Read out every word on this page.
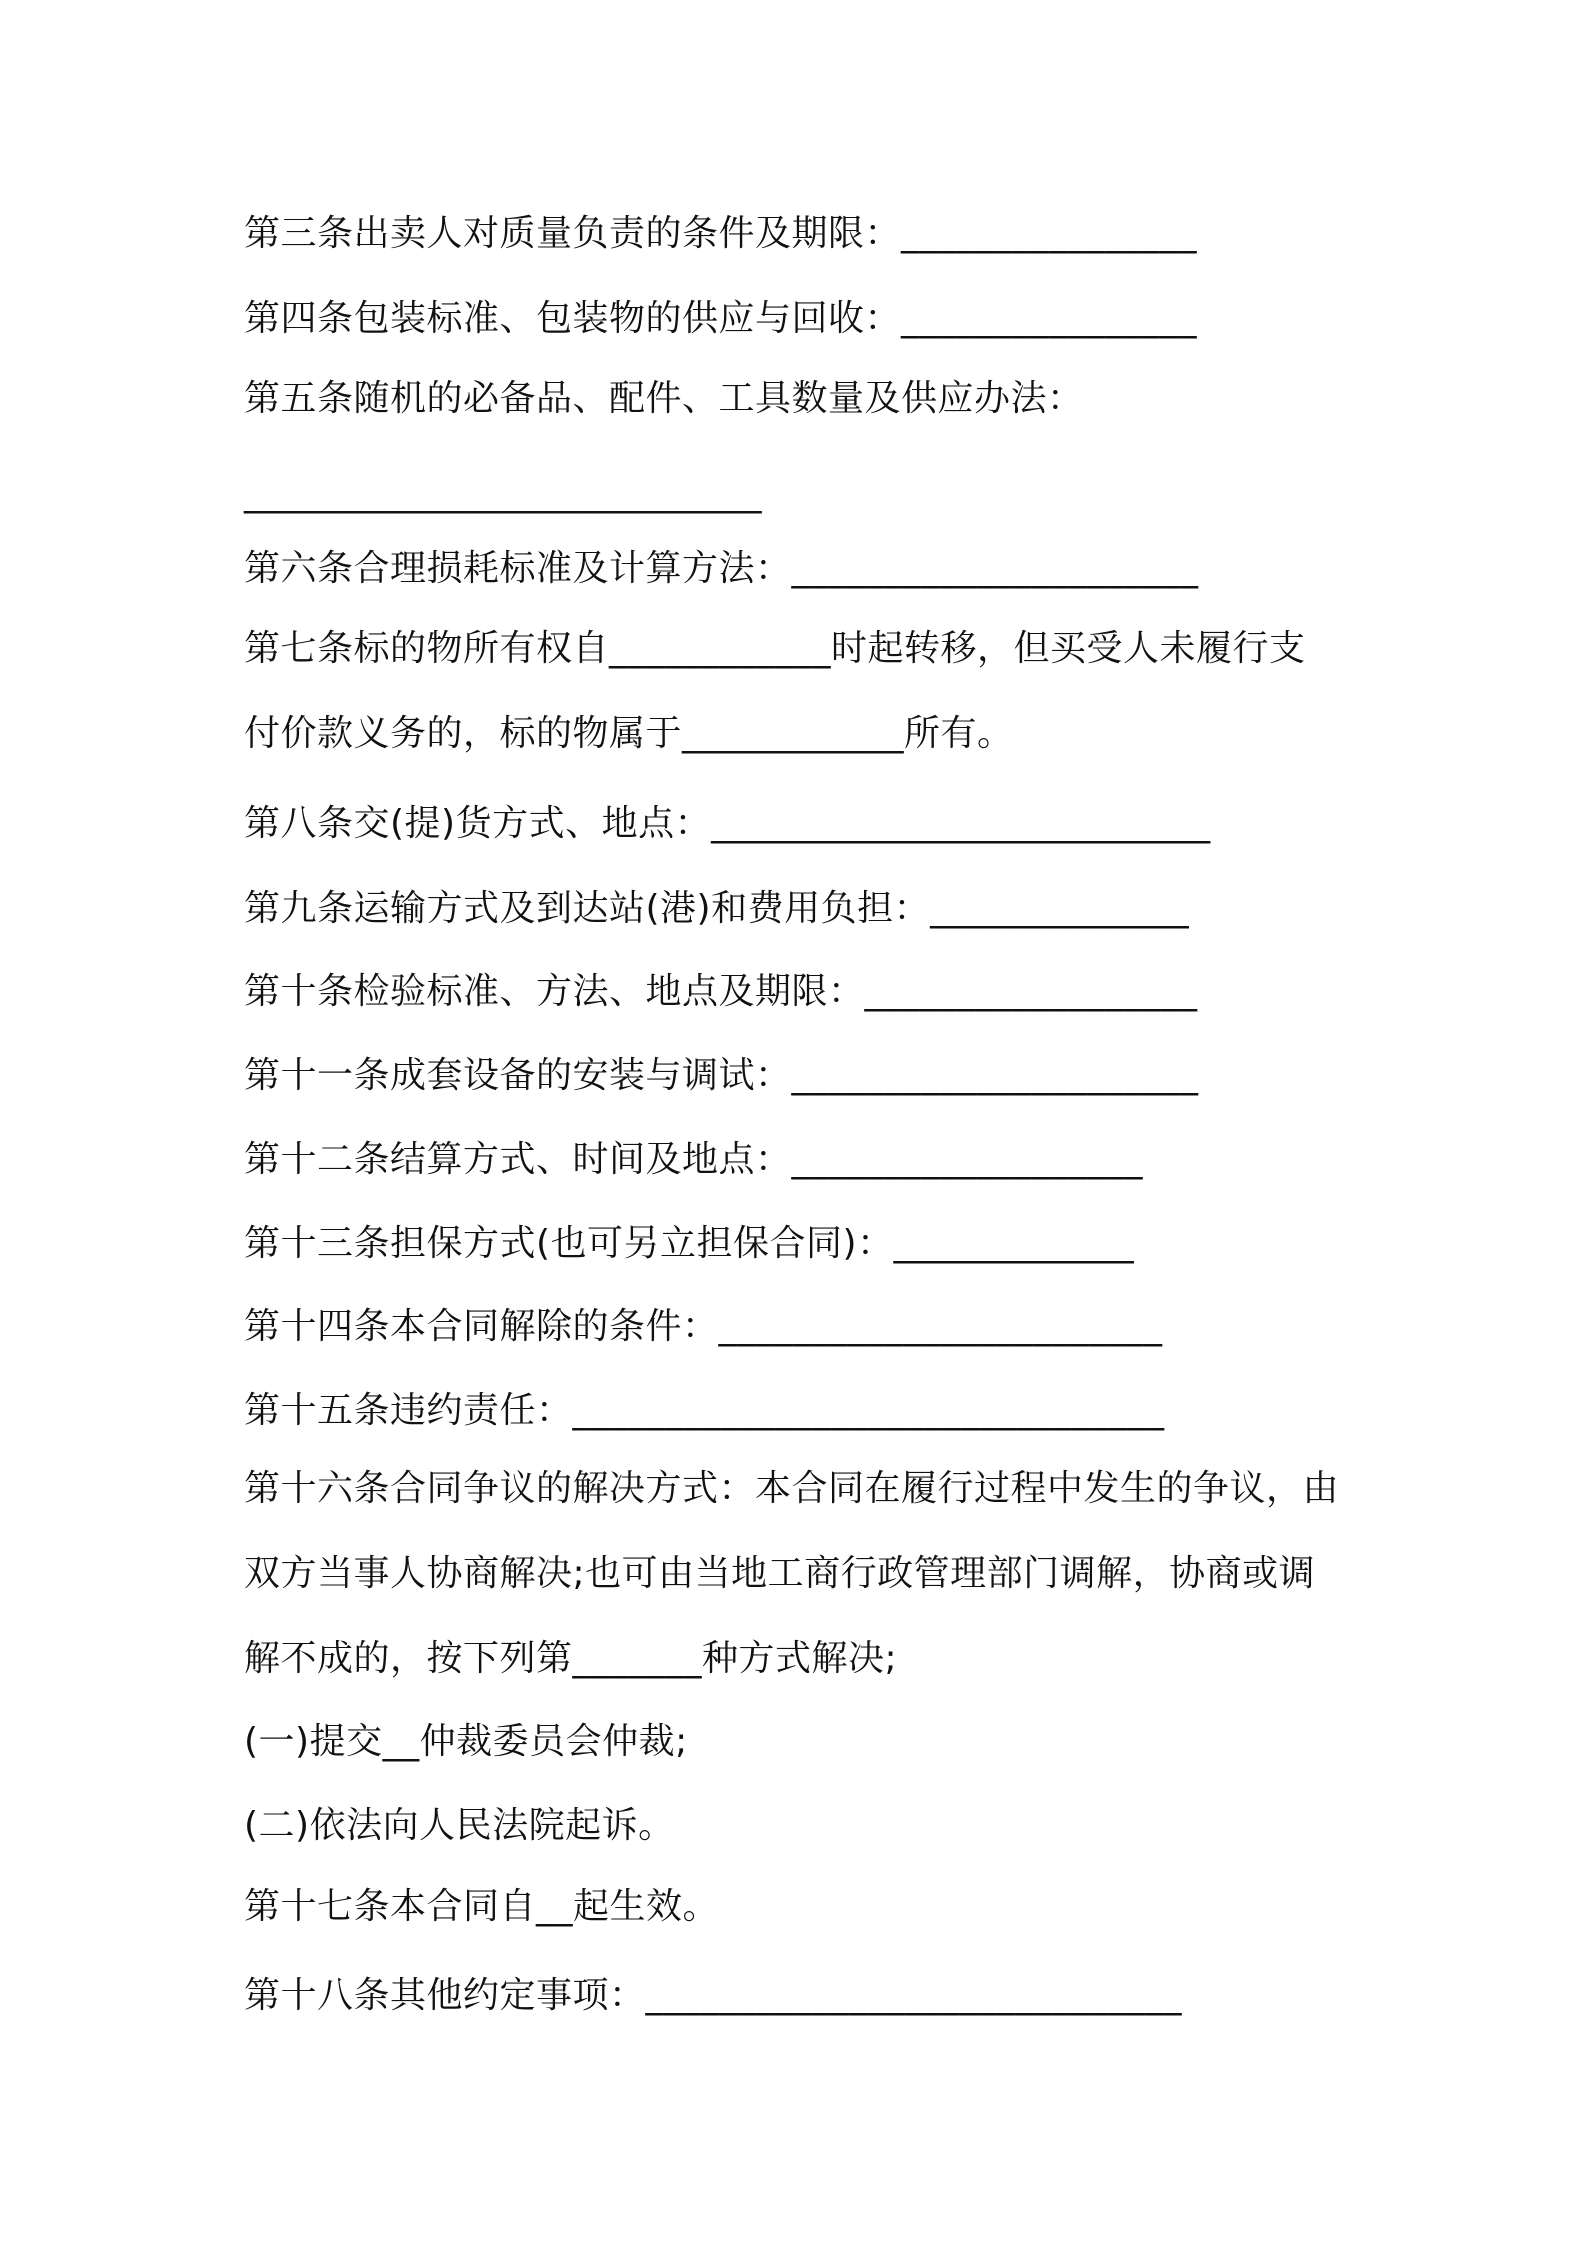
第三条出卖人对质量负责的条件及期限：________________
第四条包装标准、包装物的供应与回收：________________
第五条随机的必备品、配件、工具数量及供应办法：
____________________________
第六条合理损耗标准及计算方法：______________________
第七条标的物所有权自____________时起转移，但买受人未履行支
付价款义务的，标的物属于____________所有。
第八条交(提)货方式、地点：___________________________
第九条运输方式及到达站(港)和费用负担：______________
第十条检验标准、方法、地点及期限：__________________
第十一条成套设备的安装与调试：______________________
第十二条结算方式、时间及地点：___________________
第十三条担保方式(也可另立担保合同)：_____________
第十四条本合同解除的条件：________________________
第十五条违约责任：________________________________
第十六条合同争议的解决方式：本合同在履行过程中发生的争议，由
双方当事人协商解决;也可由当地工商行政管理部门调解，协商或调
解不成的，按下列第_______种方式解决;
(一)提交__仲裁委员会仲裁;
(二)依法向人民法院起诉。
第十七条本合同自__起生效。
第十八条其他约定事项：_____________________________
